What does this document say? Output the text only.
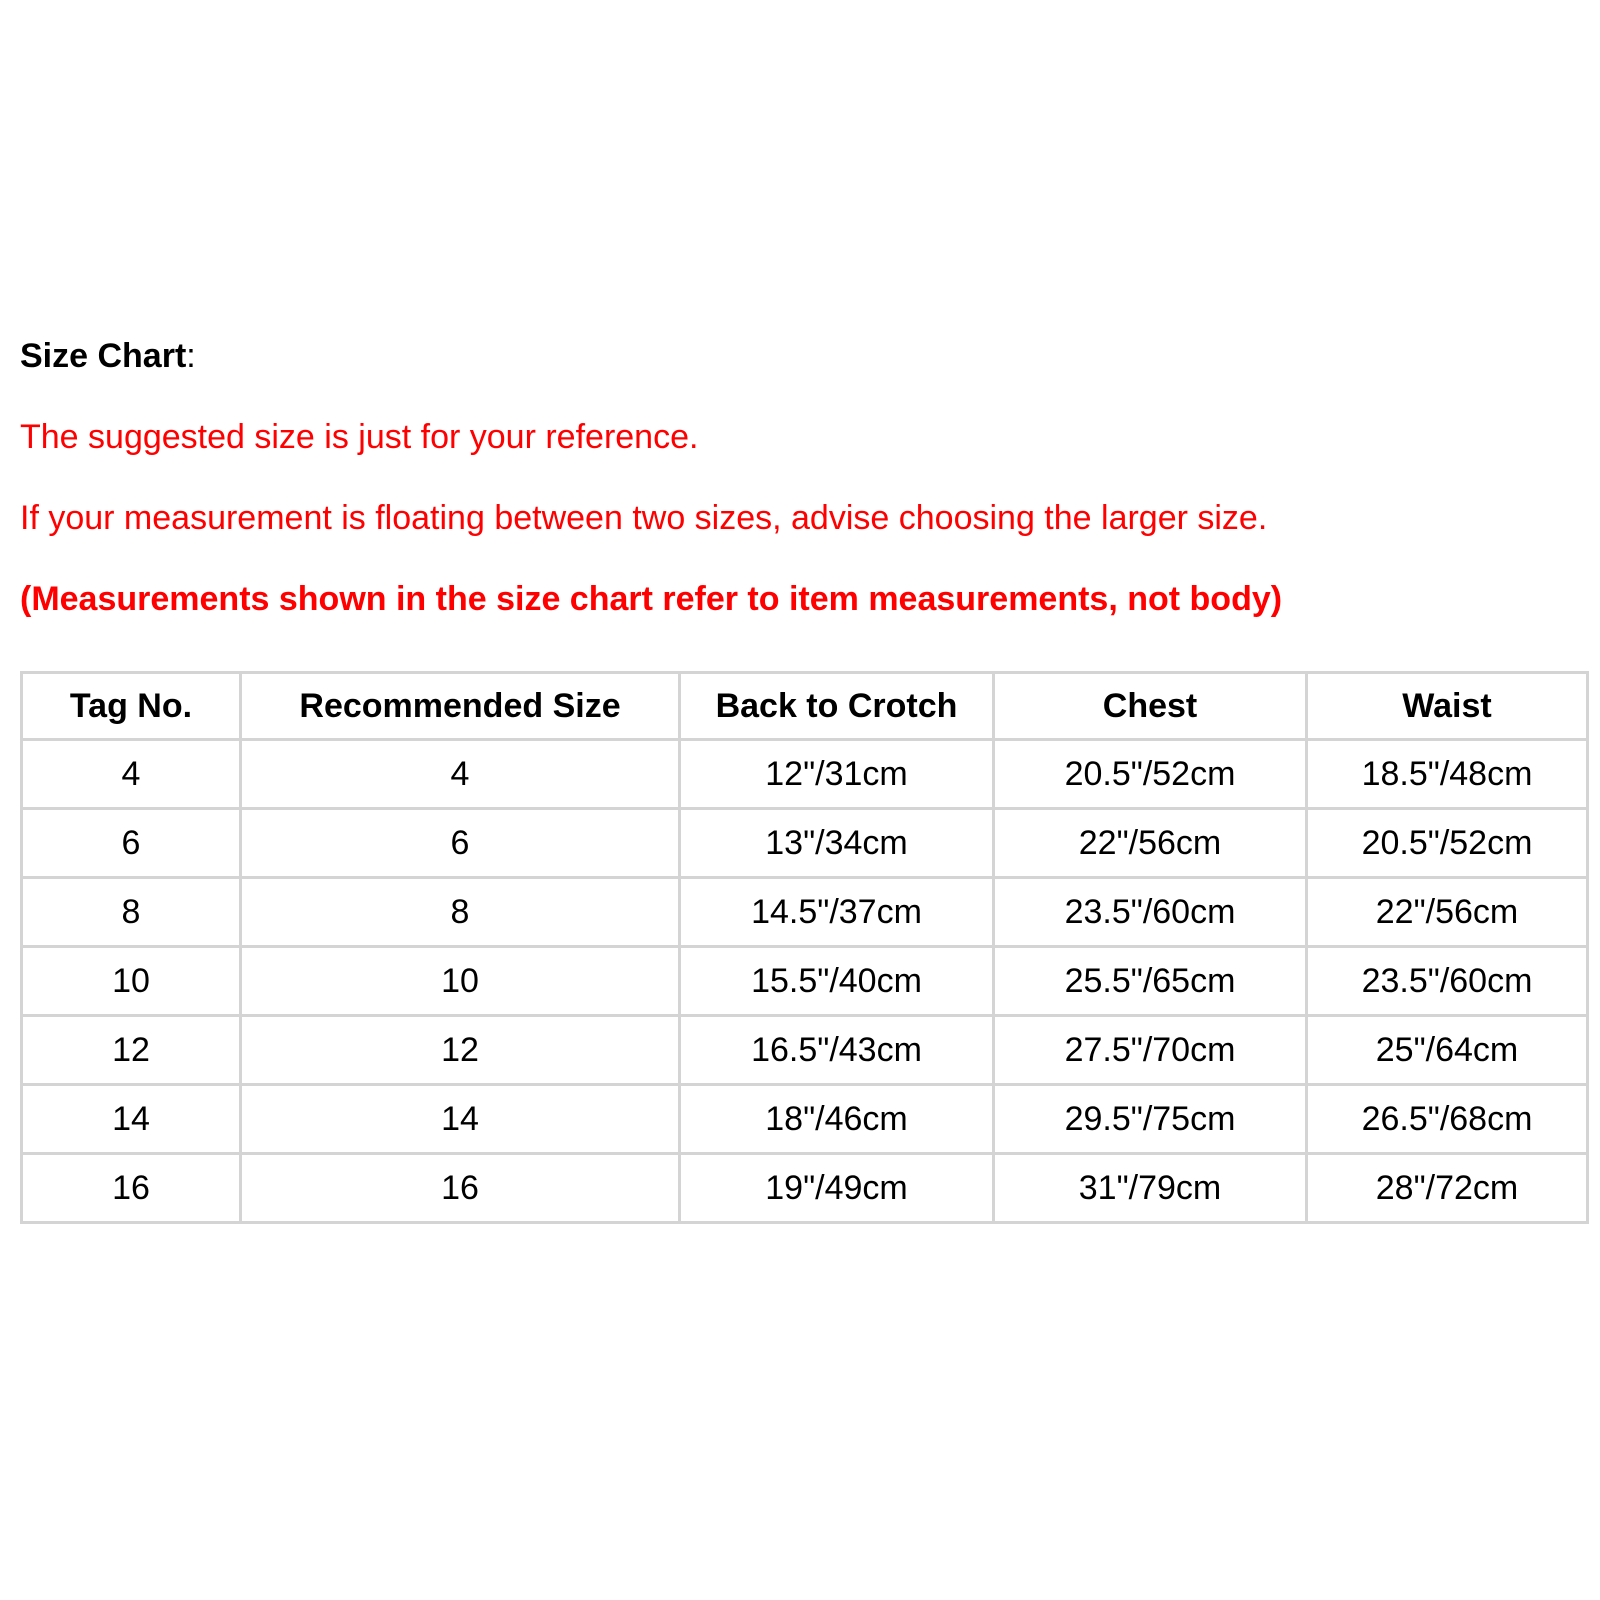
Size Chart:

The suggested size is just for your reference.

If your measurement is floating between two sizes, advise choosing the larger size.

(Measurements shown in the size chart refer to item measurements, not body)

Tag No.	Recommended Size	Back to Crotch	Chest	Waist
4	4	12"/31cm	20.5"/52cm	18.5"/48cm
6	6	13"/34cm	22"/56cm	20.5"/52cm
8	8	14.5"/37cm	23.5"/60cm	22"/56cm
10	10	15.5"/40cm	25.5"/65cm	23.5"/60cm
12	12	16.5"/43cm	27.5"/70cm	25"/64cm
14	14	18"/46cm	29.5"/75cm	26.5"/68cm
16	16	19"/49cm	31"/79cm	28"/72cm
